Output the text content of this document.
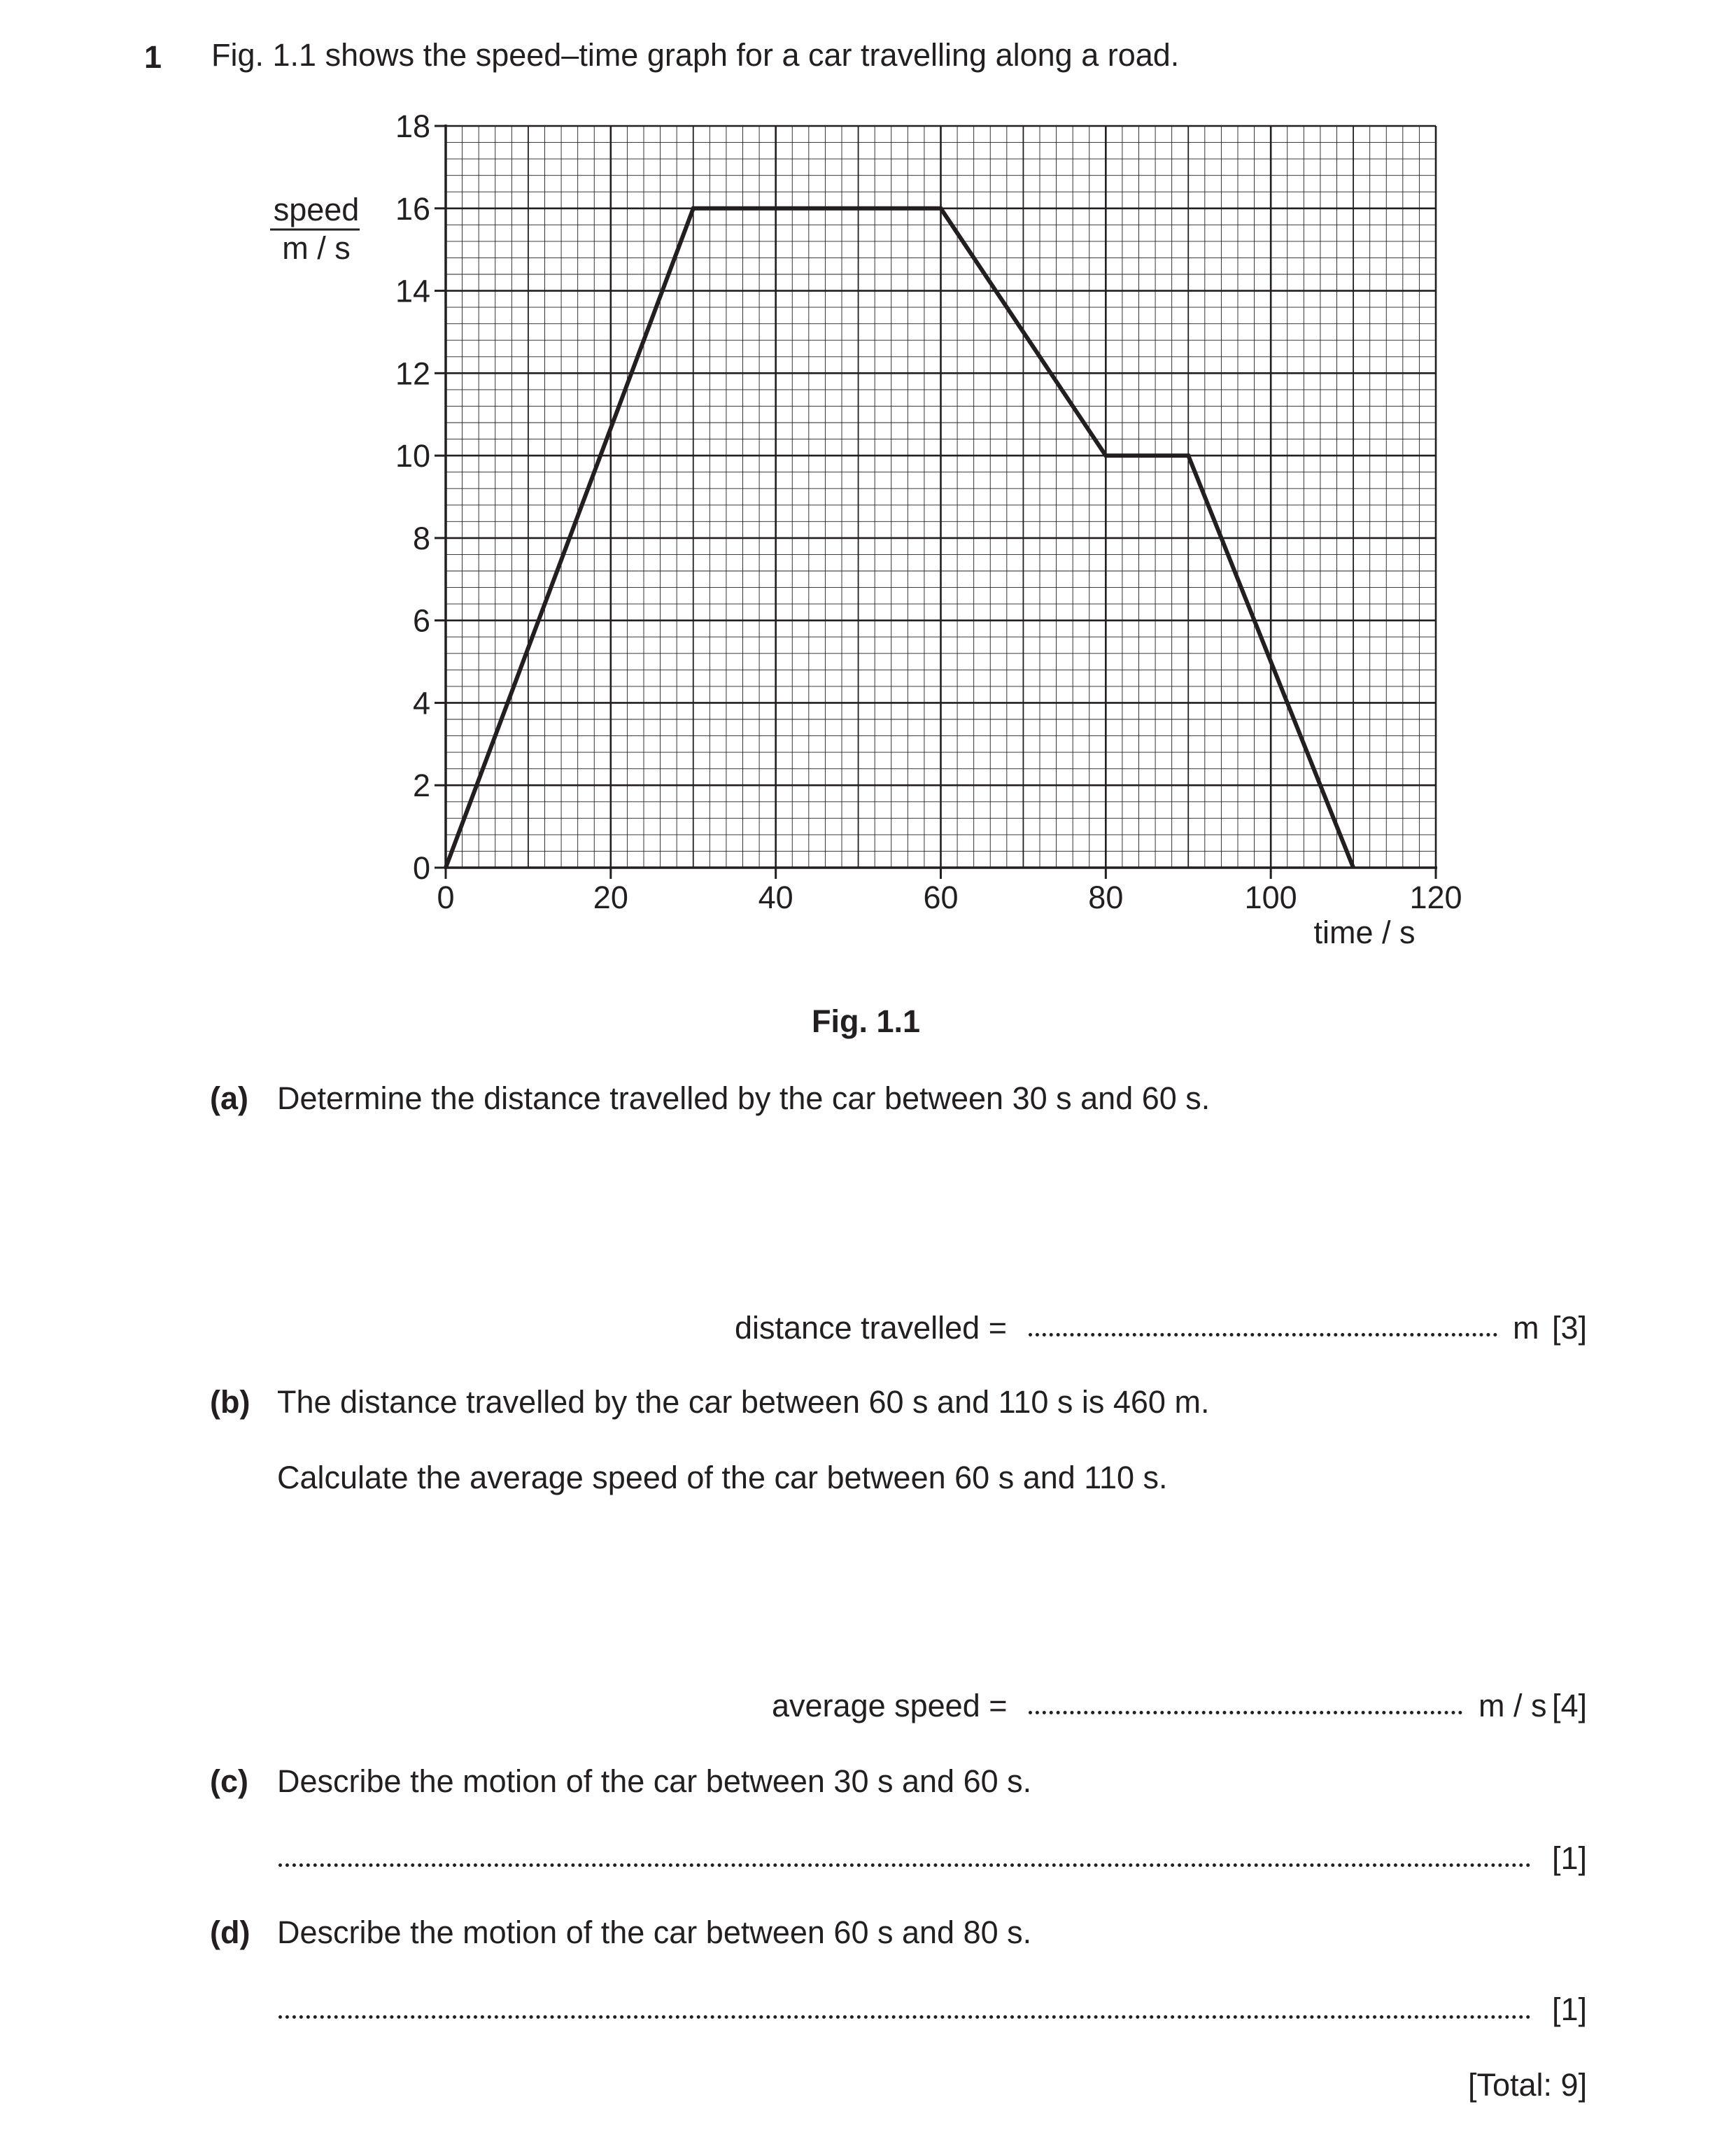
1 Fig. 1.1 shows the speed–time graph for a car travelling along a road.
0
2
4
6
8
10
12
14
16
18
0	20	40	60	80	100	120
speed
m / s
time / s
Fig. 1.1
(a) Determine the distance travelled by the car between 30 s and 60 s.
distance travelled =	m [3]
(b) The distance travelled by the car between 60 s and 110 s is 460 m.
Calculate the average speed of the car between 60 s and 110 s.
average speed =	m / s [4]
(c) Describe the motion of the car between 30 s and 60 s.
[1]
(d) Describe the motion of the car between 60 s and 80 s.
[1]
[Total: 9]
